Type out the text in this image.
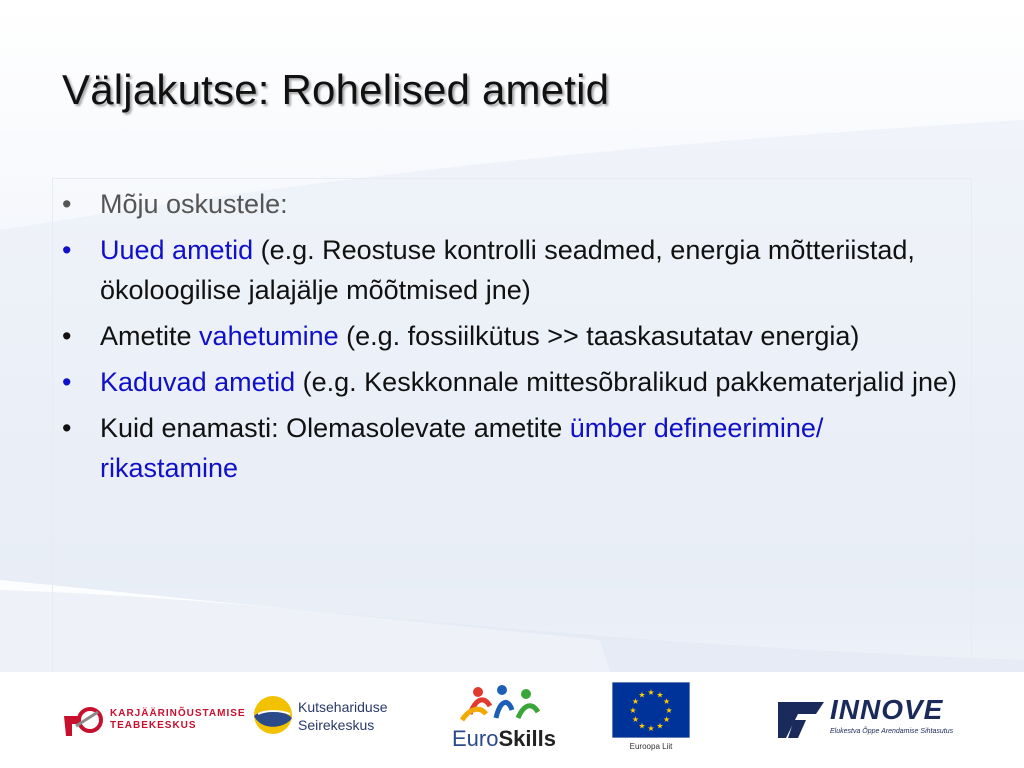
Väljakutse: Rohelised ametid
• Mõju oskustele:
• Uued ametid (e.g. Reostuse kontrolli seadmed, energia mõtteriistad, ökoloogilise jalajälje mõõtmised jne)
• Ametite vahetumine (e.g. fossiilkütus >> taaskasutatav energia)
• Kaduvad ametid (e.g. Keskkonnale mittesõbralikud pakkematerjalid jne)
• Kuid enamasti: Olemasolevate ametite ümber defineerimine/ rikastamine
KARJÄÄRINÕUSTAMISE
TEABEKESKUS
Kutsehariduse
Seirekeskus
EuroSkills
★ ★
★
★
★
★
★
★
★
★
★
★
Euroopa Liit
INNOVE
Elukestva Õppe Arendamise Sihtasutus
